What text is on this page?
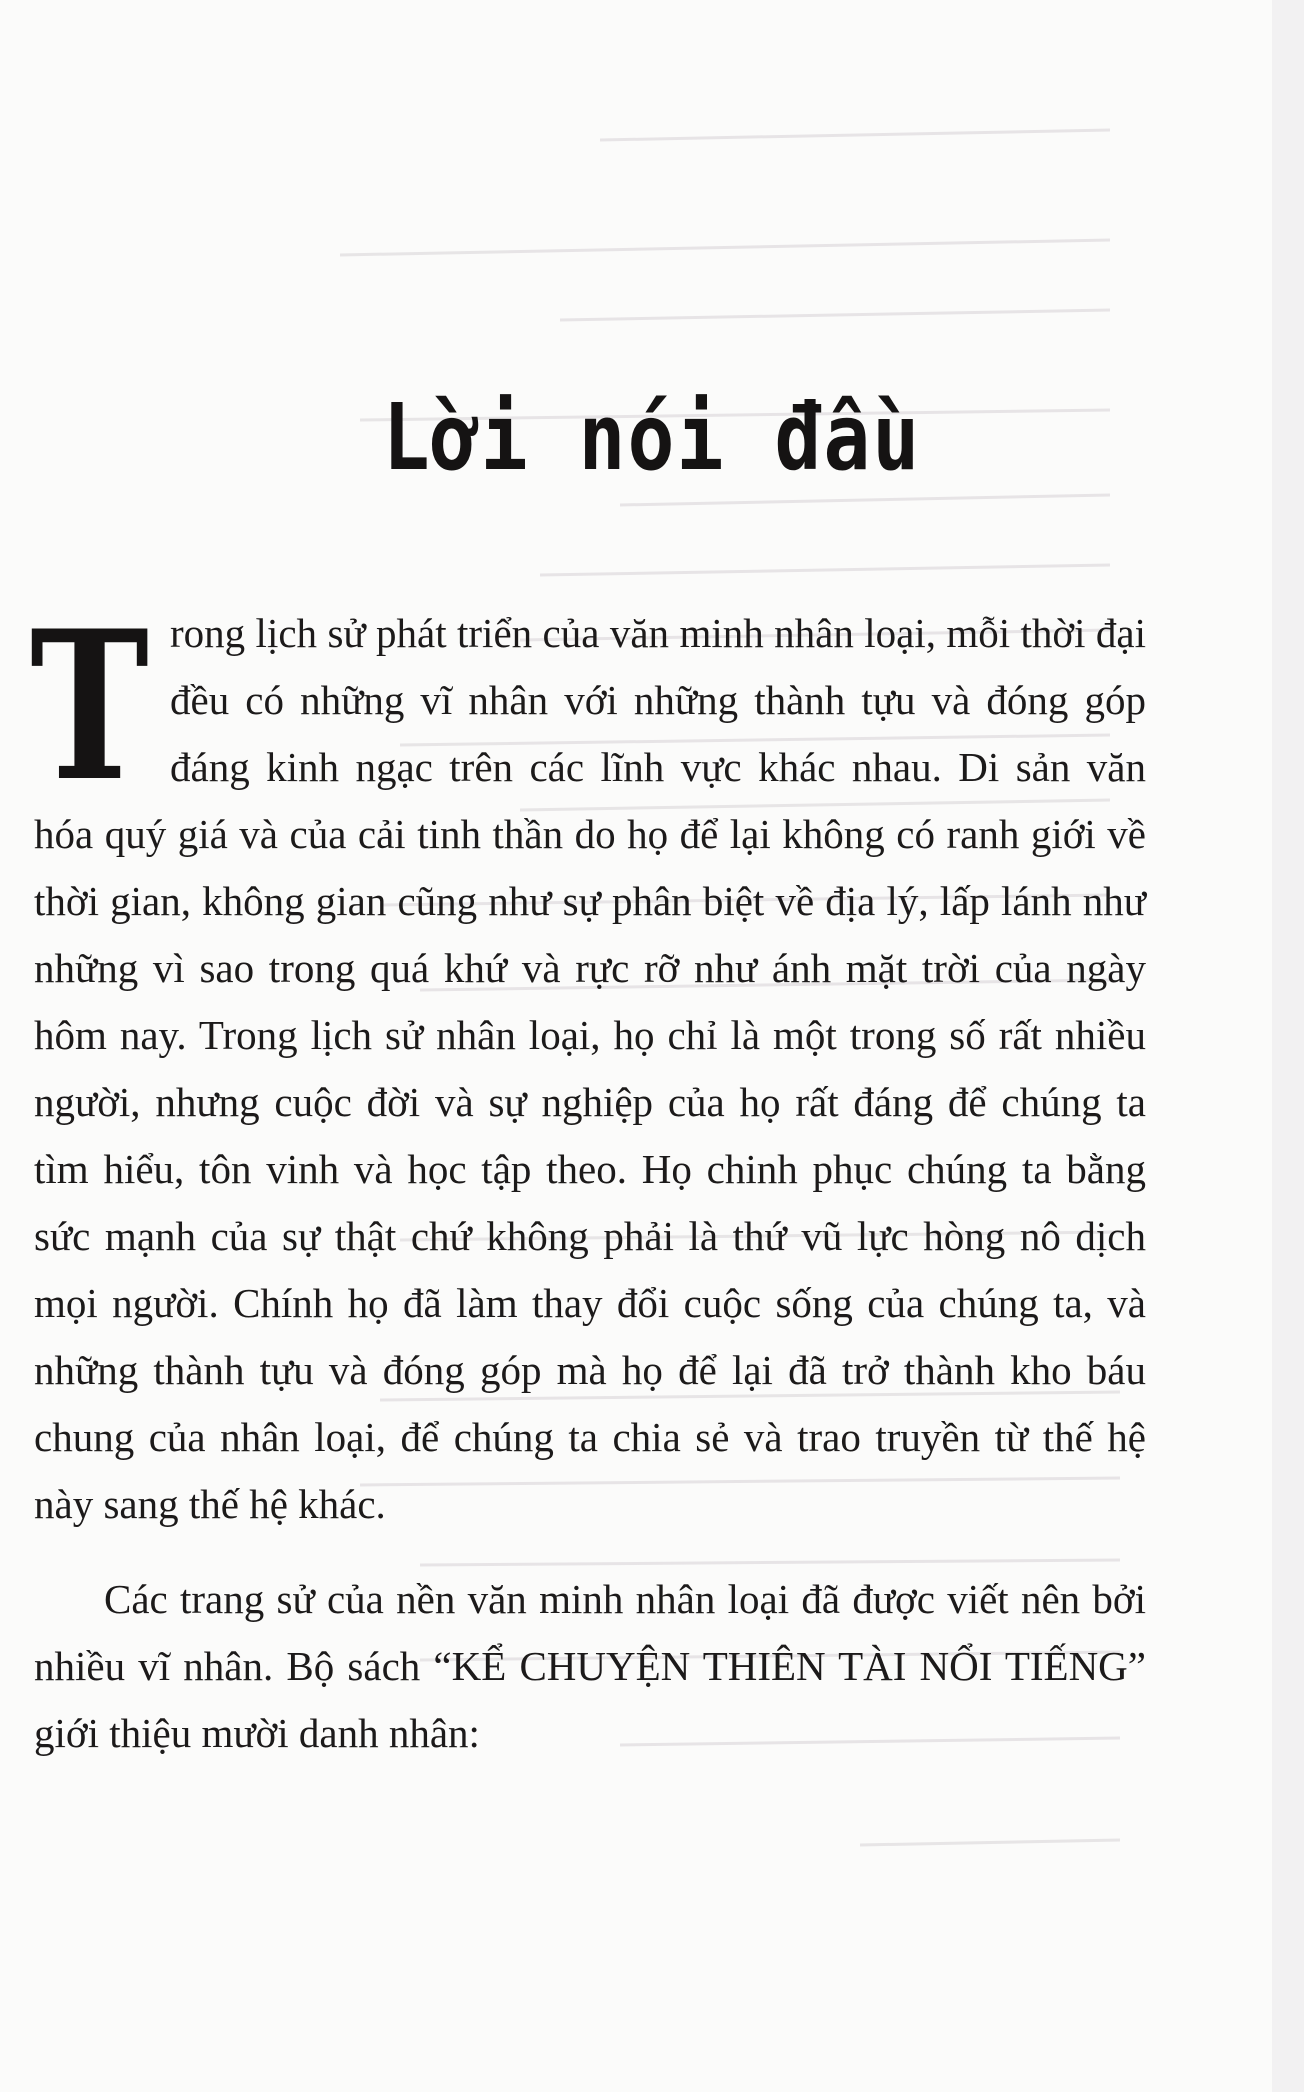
Lời nói đầu

T rong lịch sử phát triển của văn minh nhân loại, mỗi thời đại đều có những vĩ nhân với những thành tựu và đóng góp đáng kinh ngạc trên các lĩnh vực khác nhau. Di sản văn hóa quý giá và của cải tinh thần do họ để lại không có ranh giới về thời gian, không gian cũng như sự phân biệt về địa lý, lấp lánh như những vì sao trong quá khứ và rực rỡ như ánh mặt trời của ngày hôm nay. Trong lịch sử nhân loại, họ chỉ là một trong số rất nhiều người, nhưng cuộc đời và sự nghiệp của họ rất đáng để chúng ta tìm hiểu, tôn vinh và học tập theo. Họ chinh phục chúng ta bằng sức mạnh của sự thật chứ không phải là thứ vũ lực hòng nô dịch mọi người. Chính họ đã làm thay đổi cuộc sống của chúng ta, và những thành tựu và đóng góp mà họ để lại đã trở thành kho báu chung của nhân loại, để chúng ta chia sẻ và trao truyền từ thế hệ này sang thế hệ khác.

Các trang sử của nền văn minh nhân loại đã được viết nên bởi nhiều vĩ nhân. Bộ sách “KỂ CHUYỆN THIÊN TÀI NỔI TIẾNG” giới thiệu mười danh nhân:
